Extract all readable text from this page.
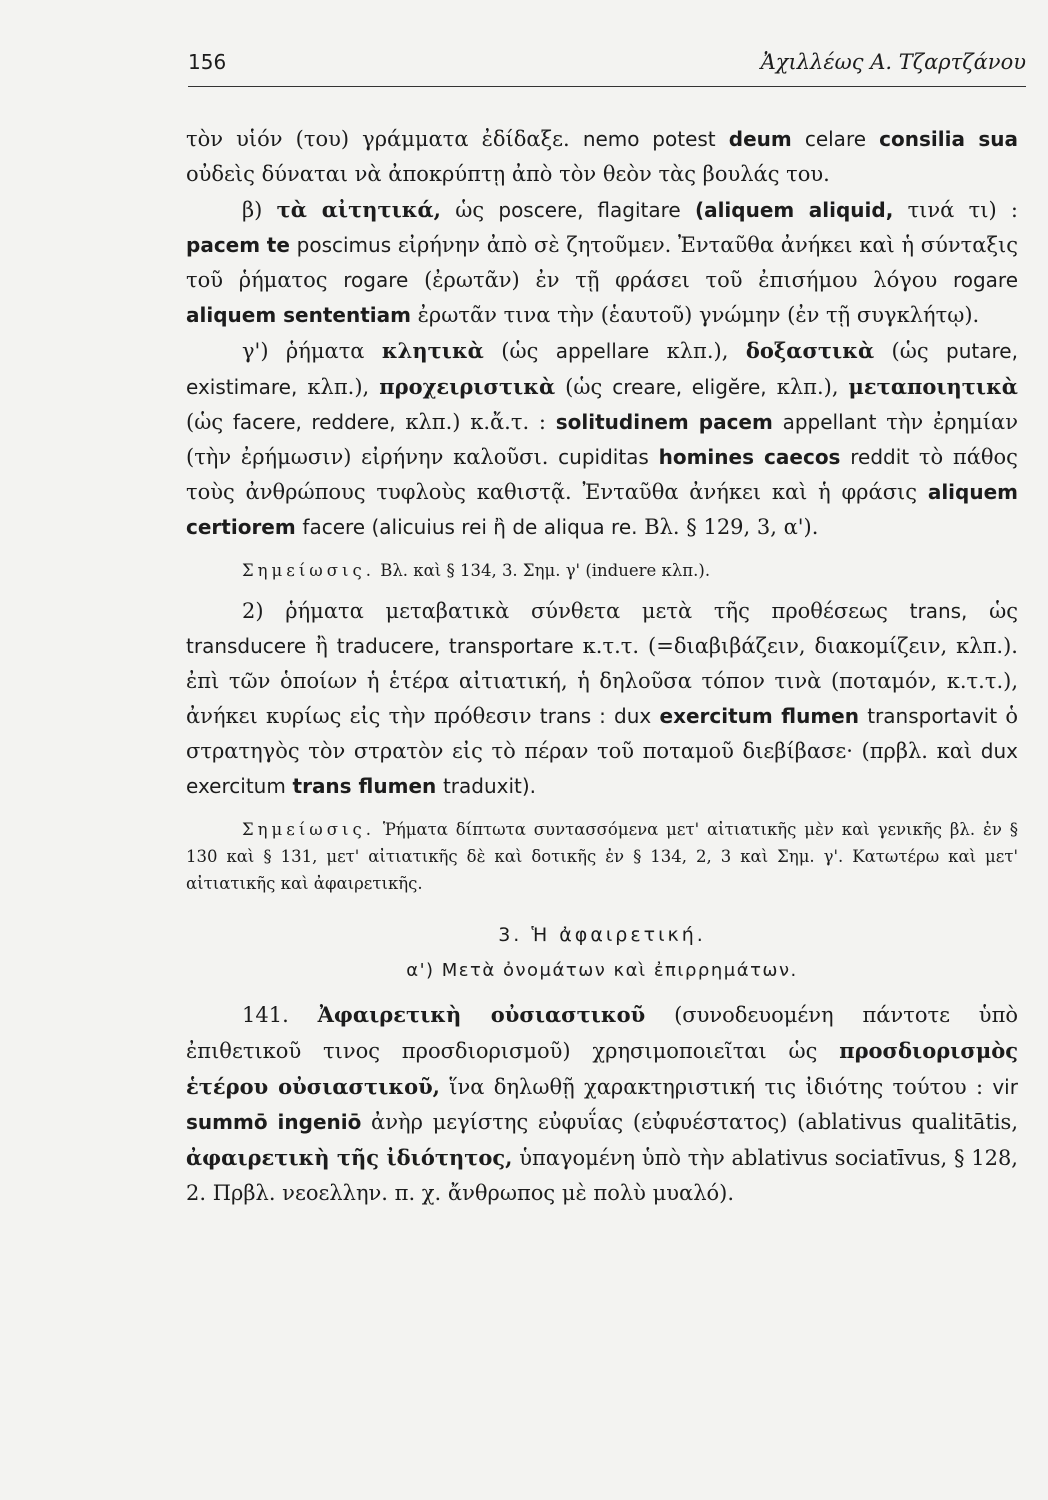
156	Ἀχιλλέως Α. Τζαρτζάνου

τὸν υἱόν (του) γράμματα ἐδίδαξε. nemo potest deum celare consilia sua οὐδεὶς δύναται νὰ ἀποκρύπτῃ ἀπὸ τὸν θεὸν τὰς βουλάς του.

β) τὰ αἰτητικά, ὡς poscere, flagitare (aliquem aliquid, τινά τι) : pacem te poscimus εἰρήνην ἀπὸ σὲ ζητοῦμεν. Ἐνταῦθα ἀνήκει καὶ ἡ σύνταξις τοῦ ῥήματος rogare (ἐρωτᾶν) ἐν τῇ φράσει τοῦ ἐπισήμου λόγου rogare aliquem sententiam ἐρωτᾶν τινα τὴν (ἑαυτοῦ) γνώμην (ἐν τῇ συγκλήτῳ).

γ') ῥήματα κλητικὰ (ὡς appellare κλπ.), δοξαστικὰ (ὡς putare, existimare, κλπ.), προχειριστικὰ (ὡς creare, eligĕre, κλπ.), μεταποιητικὰ (ὡς facere, reddere, κλπ.) κ.ἄ.τ. : solitudinem pacem appellant τὴν ἐρημίαν (τὴν ἐρήμωσιν) εἰρήνην καλοῦσι. cupiditas homines caecos reddit τὸ πάθος τοὺς ἀνθρώπους τυφλοὺς καθιστᾷ. Ἐνταῦθα ἀνήκει καὶ ἡ φράσις aliquem certiorem facere (alicuius rei ἢ de aliqua re. Βλ. § 129, 3, α').

Σημείωσις. Βλ. καὶ § 134, 3. Σημ. γ' (induere κλπ.).

2) ῥήματα μεταβατικὰ σύνθετα μετὰ τῆς προθέσεως trans, ὡς transducere ἢ traducere, transportare κ.τ.τ. (=διαβιβάζειν, διακομίζειν, κλπ.). ἐπὶ τῶν ὁποίων ἡ ἑτέρα αἰτιατική, ἡ δηλοῦσα τόπον τινὰ (ποταμόν, κ.τ.τ.), ἀνήκει κυρίως εἰς τὴν πρόθεσιν trans : dux exercitum flumen transportavit ὁ στρατηγὸς τὸν στρατὸν εἰς τὸ πέραν τοῦ ποταμοῦ διεβίβασε· (πρβλ. καὶ dux exercitum trans flumen traduxit).

Σημείωσις. Ῥήματα δίπτωτα συντασσόμενα μετ' αἰτιατικῆς μὲν καὶ γενικῆς βλ. ἐν § 130 καὶ § 131, μετ' αἰτιατικῆς δὲ καὶ δοτικῆς ἐν § 134, 2, 3 καὶ Σημ. γ'. Κατωτέρω καὶ μετ' αἰτιατικῆς καὶ ἀφαιρετικῆς.

3. Ἡ ἀφαιρετική.

α') Μετὰ ὀνομάτων καὶ ἐπιρρημάτων.

141. Ἀφαιρετικὴ οὐσιαστικοῦ (συνοδευομένη πάντοτε ὑπὸ ἐπιθετικοῦ τινος προσδιορισμοῦ) χρησιμοποιεῖται ὡς προσδιορισμὸς ἑτέρου οὐσιαστικοῦ, ἵνα δηλωθῇ χαρακτηριστική τις ἰδιότης τούτου : vir summō ingeniō ἀνὴρ μεγίστης εὐφυΐας (εὐφυέστατος) (ablativus qualitātis, ἀφαιρετικὴ τῆς ἰδιότητος, ὑπαγομένη ὑπὸ τὴν ablativus sociatīvus, § 128, 2. Πρβλ. νεοελλην. π. χ. ἄνθρωπος μὲ πολὺ μυαλό).
